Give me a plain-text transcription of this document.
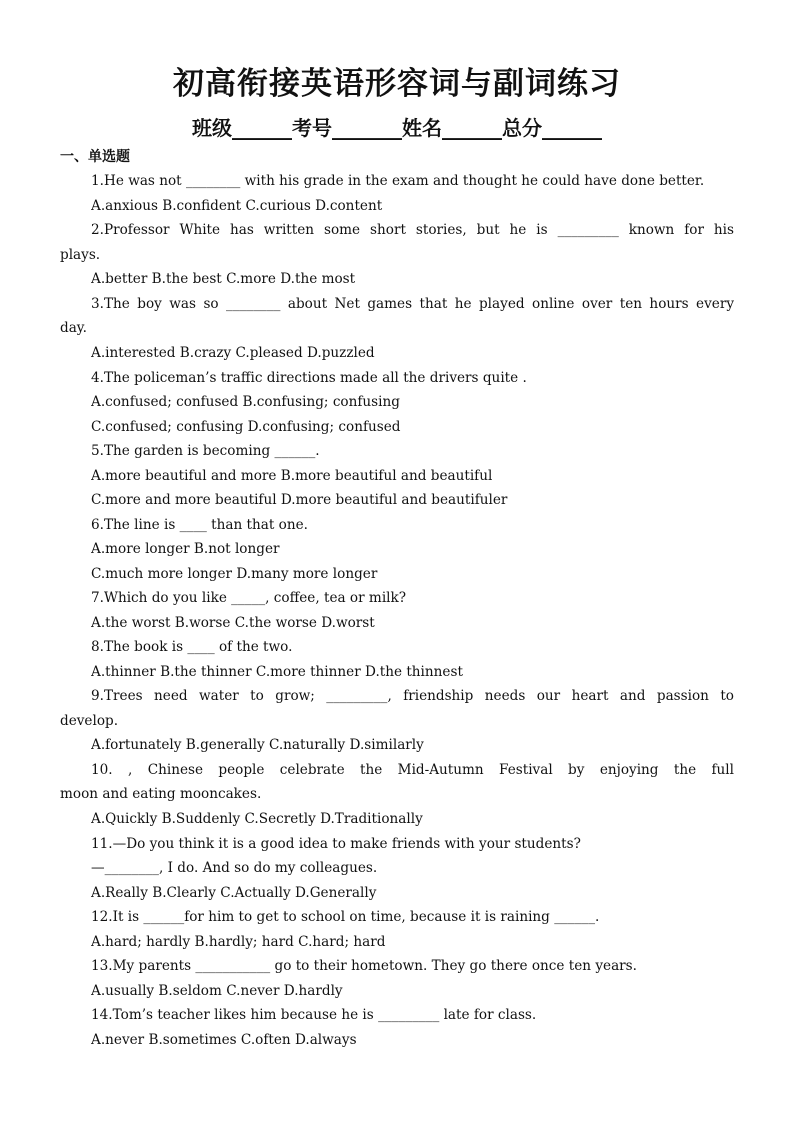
初高衔接英语形容词与副词练习
班级______考号_______姓名______总分______
一、单选题
1.He was not ________ with his grade in the exam and thought he could have done better.
A.anxious B.confident C.curious D.content
2.Professor White has written some short stories, but he is _________ known for his
plays.
A.better B.the best C.more D.the most
3.The boy was so ________ about Net games that he played online over ten hours every
day.
A.interested B.crazy C.pleased D.puzzled
4.The policeman’s traffic directions made all the drivers quite .
A.confused; confused B.confusing; confusing
C.confused; confusing D.confusing; confused
5.The garden is becoming ______.
A.more beautiful and more B.more beautiful and beautiful
C.more and more beautiful D.more beautiful and beautifuler
6.The line is ____ than that one.
A.more longer B.not longer
C.much more longer D.many more longer
7.Which do you like _____, coffee, tea or milk?
A.the worst B.worse C.the worse D.worst
8.The book is ____ of the two.
A.thinner B.the thinner C.more thinner D.the thinnest
9.Trees need water to grow; _________, friendship needs our heart and passion to
develop.
A.fortunately B.generally C.naturally D.similarly
10. , Chinese people celebrate the Mid-Autumn Festival by enjoying the full
moon and eating mooncakes.
A.Quickly B.Suddenly C.Secretly D.Traditionally
11.—Do you think it is a good idea to make friends with your students?
—________, I do. And so do my colleagues.
A.Really B.Clearly C.Actually D.Generally
12.It is ______for him to get to school on time, because it is raining ______.
A.hard; hardly B.hardly; hard C.hard; hard
13.My parents ___________ go to their hometown. They go there once ten years.
A.usually B.seldom C.never D.hardly
14.Tom’s teacher likes him because he is _________ late for class.
A.never B.sometimes C.often D.always
